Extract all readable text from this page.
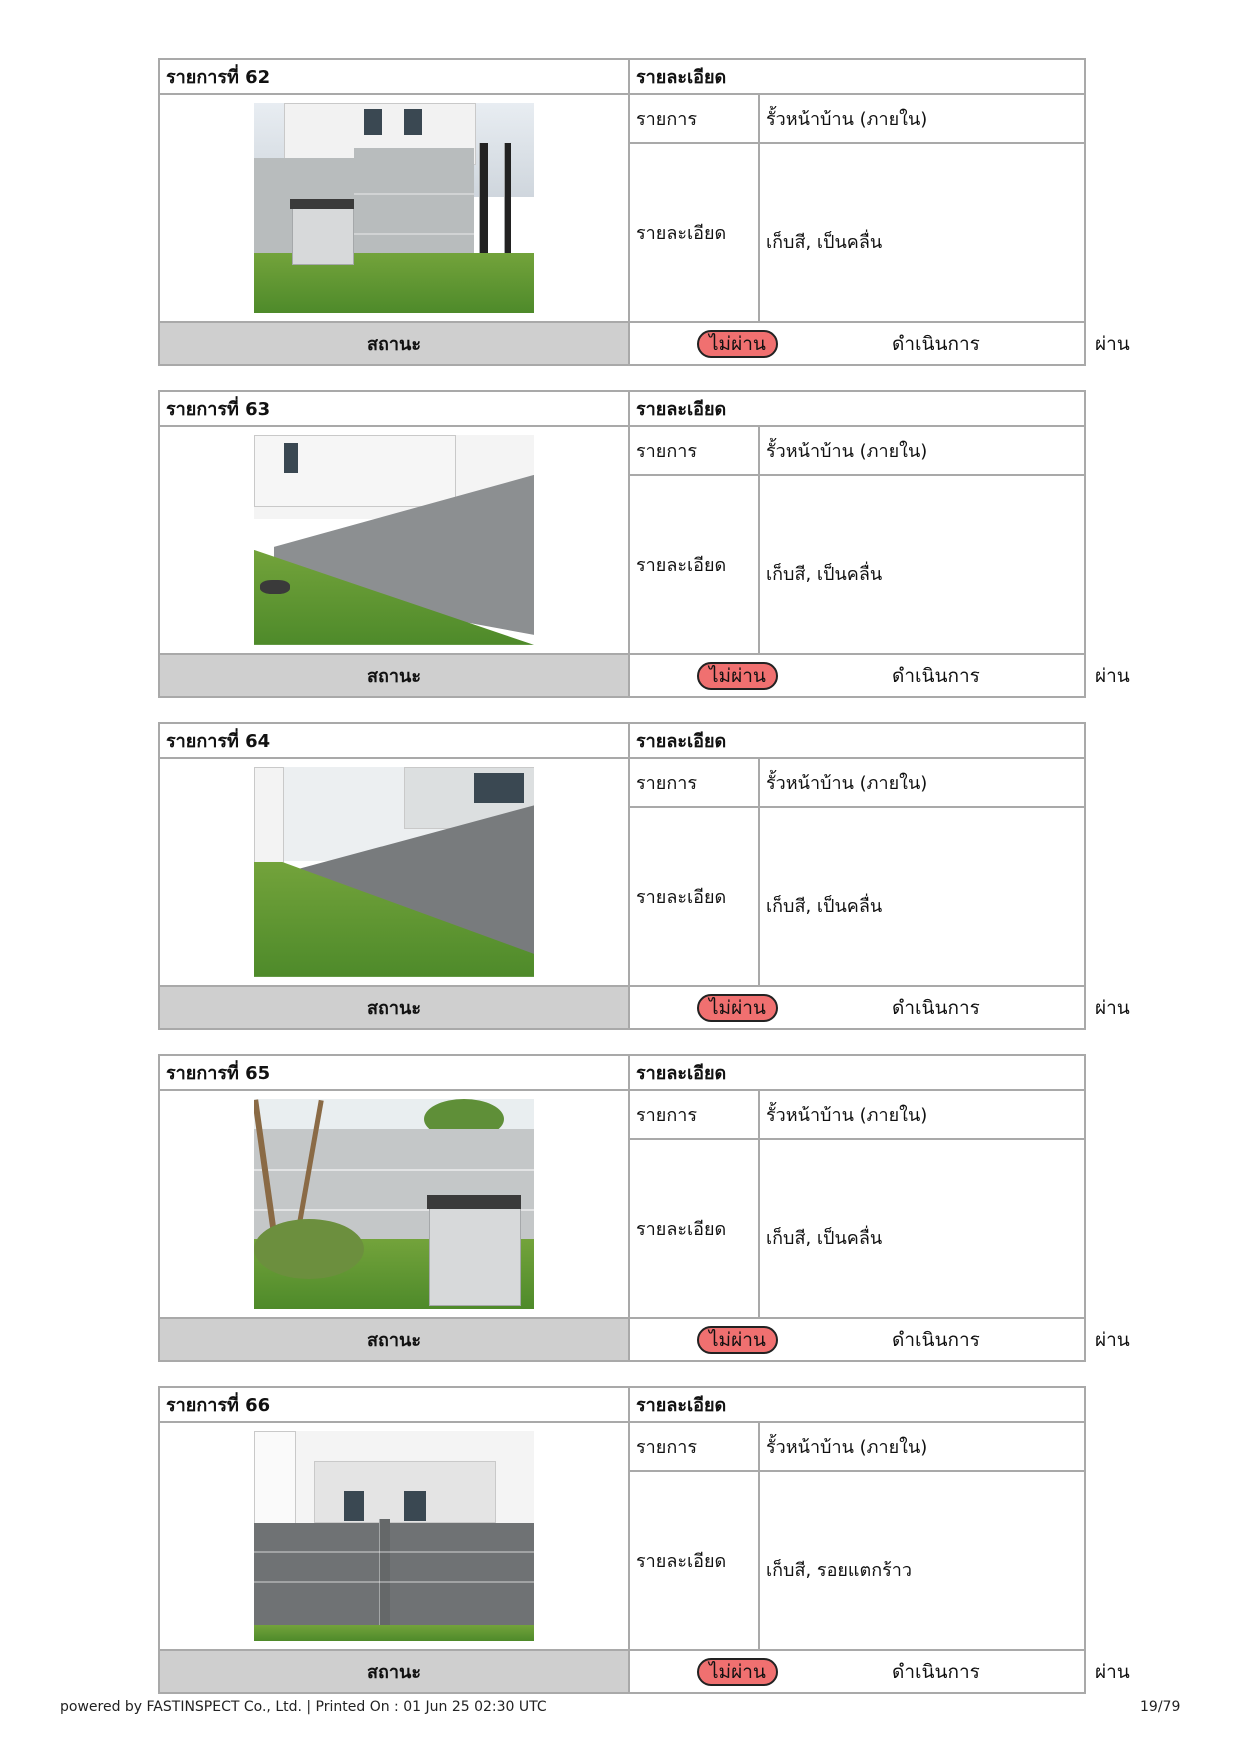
รายการที่ 62	รายละเอียด	

	รายการ	รั้วหน้าบ้าน (ภายใน)
	รายละเอียด	เก็บสี, เป็นคลื่น
สถานะ	ไม่ผ่าน ดำเนินการ ผ่าน	
รายการที่ 63	รายละเอียด	

	รายการ	รั้วหน้าบ้าน (ภายใน)
	รายละเอียด	เก็บสี, เป็นคลื่น
สถานะ	ไม่ผ่าน ดำเนินการ ผ่าน	
รายการที่ 64	รายละเอียด	

	รายการ	รั้วหน้าบ้าน (ภายใน)
	รายละเอียด	เก็บสี, เป็นคลื่น
สถานะ	ไม่ผ่าน ดำเนินการ ผ่าน	
รายการที่ 65	รายละเอียด	

	รายการ	รั้วหน้าบ้าน (ภายใน)
	รายละเอียด	เก็บสี, เป็นคลื่น
สถานะ	ไม่ผ่าน ดำเนินการ ผ่าน	
รายการที่ 66	รายละเอียด	

	รายการ	รั้วหน้าบ้าน (ภายใน)
	รายละเอียด	เก็บสี, รอยแตกร้าว
สถานะ	ไม่ผ่าน ดำเนินการ ผ่าน	
powered by FASTINSPECT Co., Ltd. | Printed On : 01 Jun 25 02:30 UTC	19/79
